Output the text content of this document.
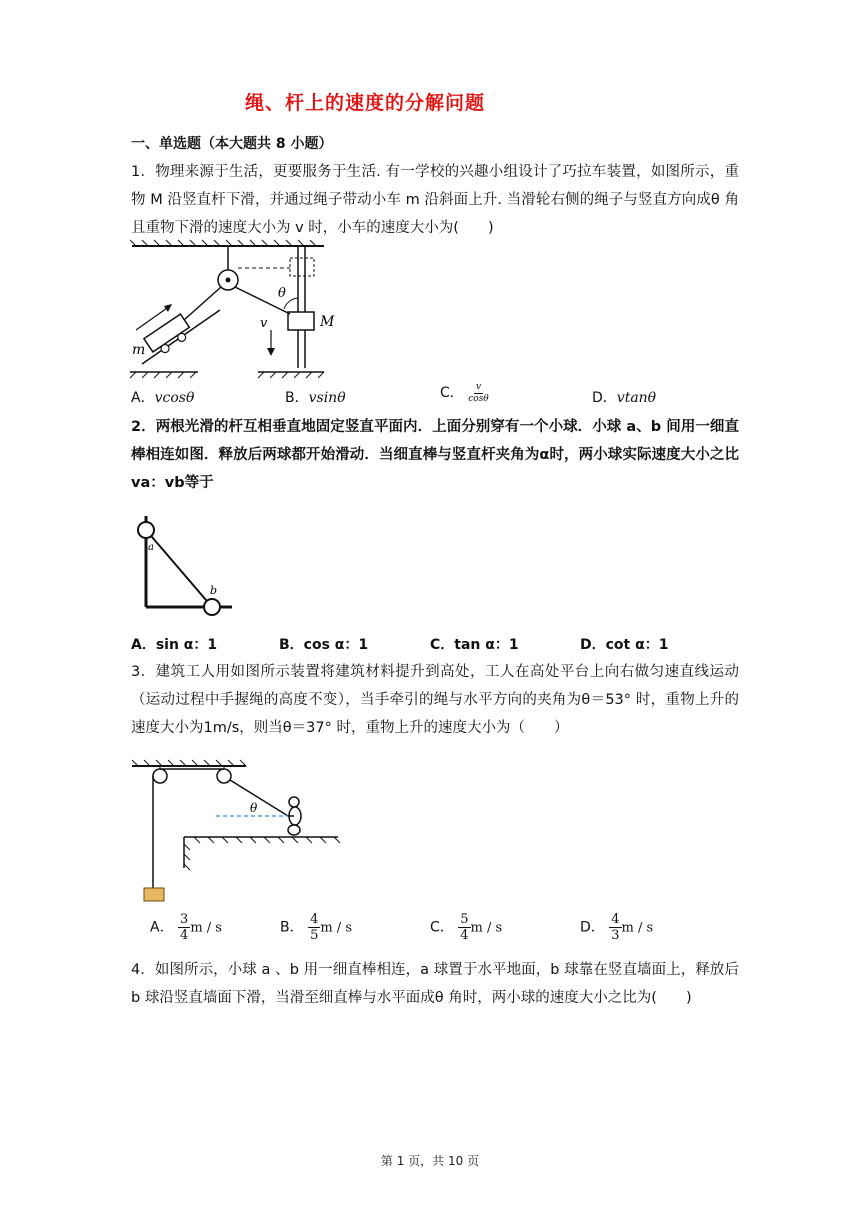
绳、杆上的速度的分解问题
一、单选题（本大题共 8 小题）
1．物理来源于生活，更要服务于生活. 有一学校的兴趣小组设计了巧拉车装置，如图所示，重物 M 沿竖直杆下滑，并通过绳子带动小车 m 沿斜面上升. 当滑轮右侧的绳子与竖直方向成θ 角且重物下滑的速度大小为 v 时，小车的速度大小为(　　)
θ
M
v
m
A．vcosθ	B．vsinθ	C． $\frac{v}{\cos\theta}$	D．vtanθ
2．两根光滑的杆互相垂直地固定竖直平面内．上面分别穿有一个小球．小球 a、b 间用一细直棒相连如图．释放后两球都开始滑动．当细直棒与竖直杆夹角为α时，两小球实际速度大小之比 va：vb等于
a
b
A．sin α：1	B．cos α：1	C．tan α：1	D．cot α：1
3．建筑工人用如图所示装置将建筑材料提升到高处，工人在高处平台上向右做匀速直线运动（运动过程中手握绳的高度不变），当手牵引的绳与水平方向的夹角为θ＝53° 时，重物上升的速度大小为1m/s，则当θ＝37° 时，重物上升的速度大小为（　　）
θ
A． $\frac{3}{4}$ m / s	B． $\frac{4}{5}$ m / s	C． $\frac{5}{4}$ m / s	D． $\frac{4}{3}$ m / s
4．如图所示，小球 a 、b 用一细直棒相连，a 球置于水平地面，b 球靠在竖直墙面上，释放后 b 球沿竖直墙面下滑，当滑至细直棒与水平面成θ 角时，两小球的速度大小之比为(　　)
第 1 页，共 10 页
